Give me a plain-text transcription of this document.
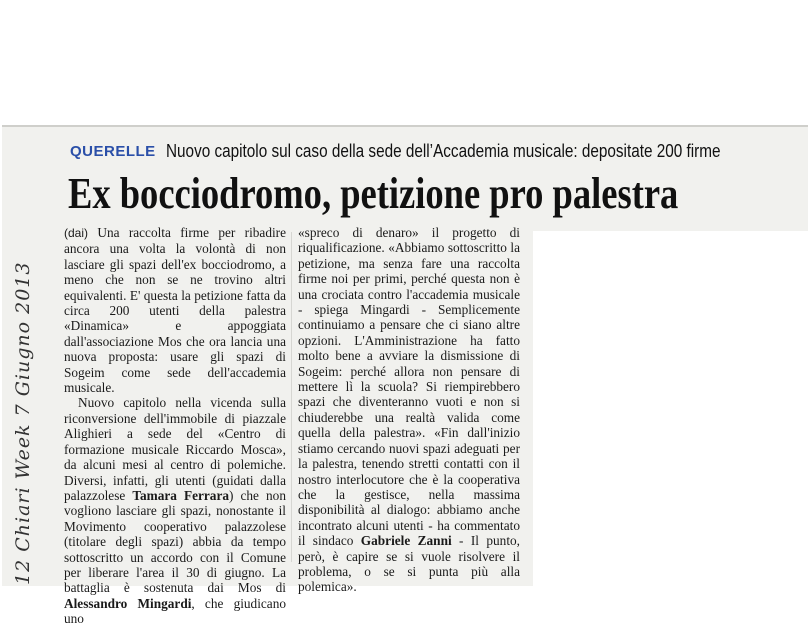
QUERELLE Nuovo capitolo sul caso della sede dell’Accademia musicale: depositate 200 firme
Ex bocciodromo, petizione pro palestra

(dai) Una raccolta firme per ribadire ancora una volta la volontà di non lasciare gli spazi dell'ex bocciodromo, a meno che non se ne trovino altri equivalenti. E' questa la petizione fatta da circa 200 utenti della palestra «Dinamica» e appoggiata dall'associazione Mos che ora lancia una nuova proposta: usare gli spazi di Sogeim come sede dell'accademia musicale.

Nuovo capitolo nella vicenda sulla riconversione dell'immobile di piazzale Alighieri a sede del «Centro di formazione musicale Riccardo Mosca», da alcuni mesi al centro di polemiche. Diversi, infatti, gli utenti (guidati dalla palazzolese Tamara Ferrara) che non vogliono lasciare gli spazi, nonostante il Movimento cooperativo palazzolese (titolare degli spazi) abbia da tempo sottoscritto un accordo con il Comune per liberare l'area il 30 di giugno. La battaglia è sostenuta dai Mos di Alessandro Mingardi, che giudicano uno

«spreco di denaro» il progetto di riqualificazione. «Abbiamo sottoscritto la petizione, ma senza fare una raccolta firme noi per primi, perché questa non è una crociata contro l'accademia musicale - spiega Mingardi - Semplicemente continuiamo a pensare che ci siano altre opzioni. L'Amministrazione ha fatto molto bene a avviare la dismissione di Sogeim: perché allora non pensare di mettere lì la scuola? Si riempirebbero spazi che diventeranno vuoti e non si chiuderebbe una realtà valida come quella della palestra». «Fin dall'inizio stiamo cercando nuovi spazi adeguati per la palestra, tenendo stretti contatti con il nostro interlocutore che è la cooperativa che la gestisce, nella massima disponibilità al dialogo: abbiamo anche incontrato alcuni utenti - ha commentato il sindaco Gabriele Zanni - Il punto, però, è capire se si vuole risolvere il problema, o se si punta più alla polemica».

12 Chiari Week 7 Giugno 2013
